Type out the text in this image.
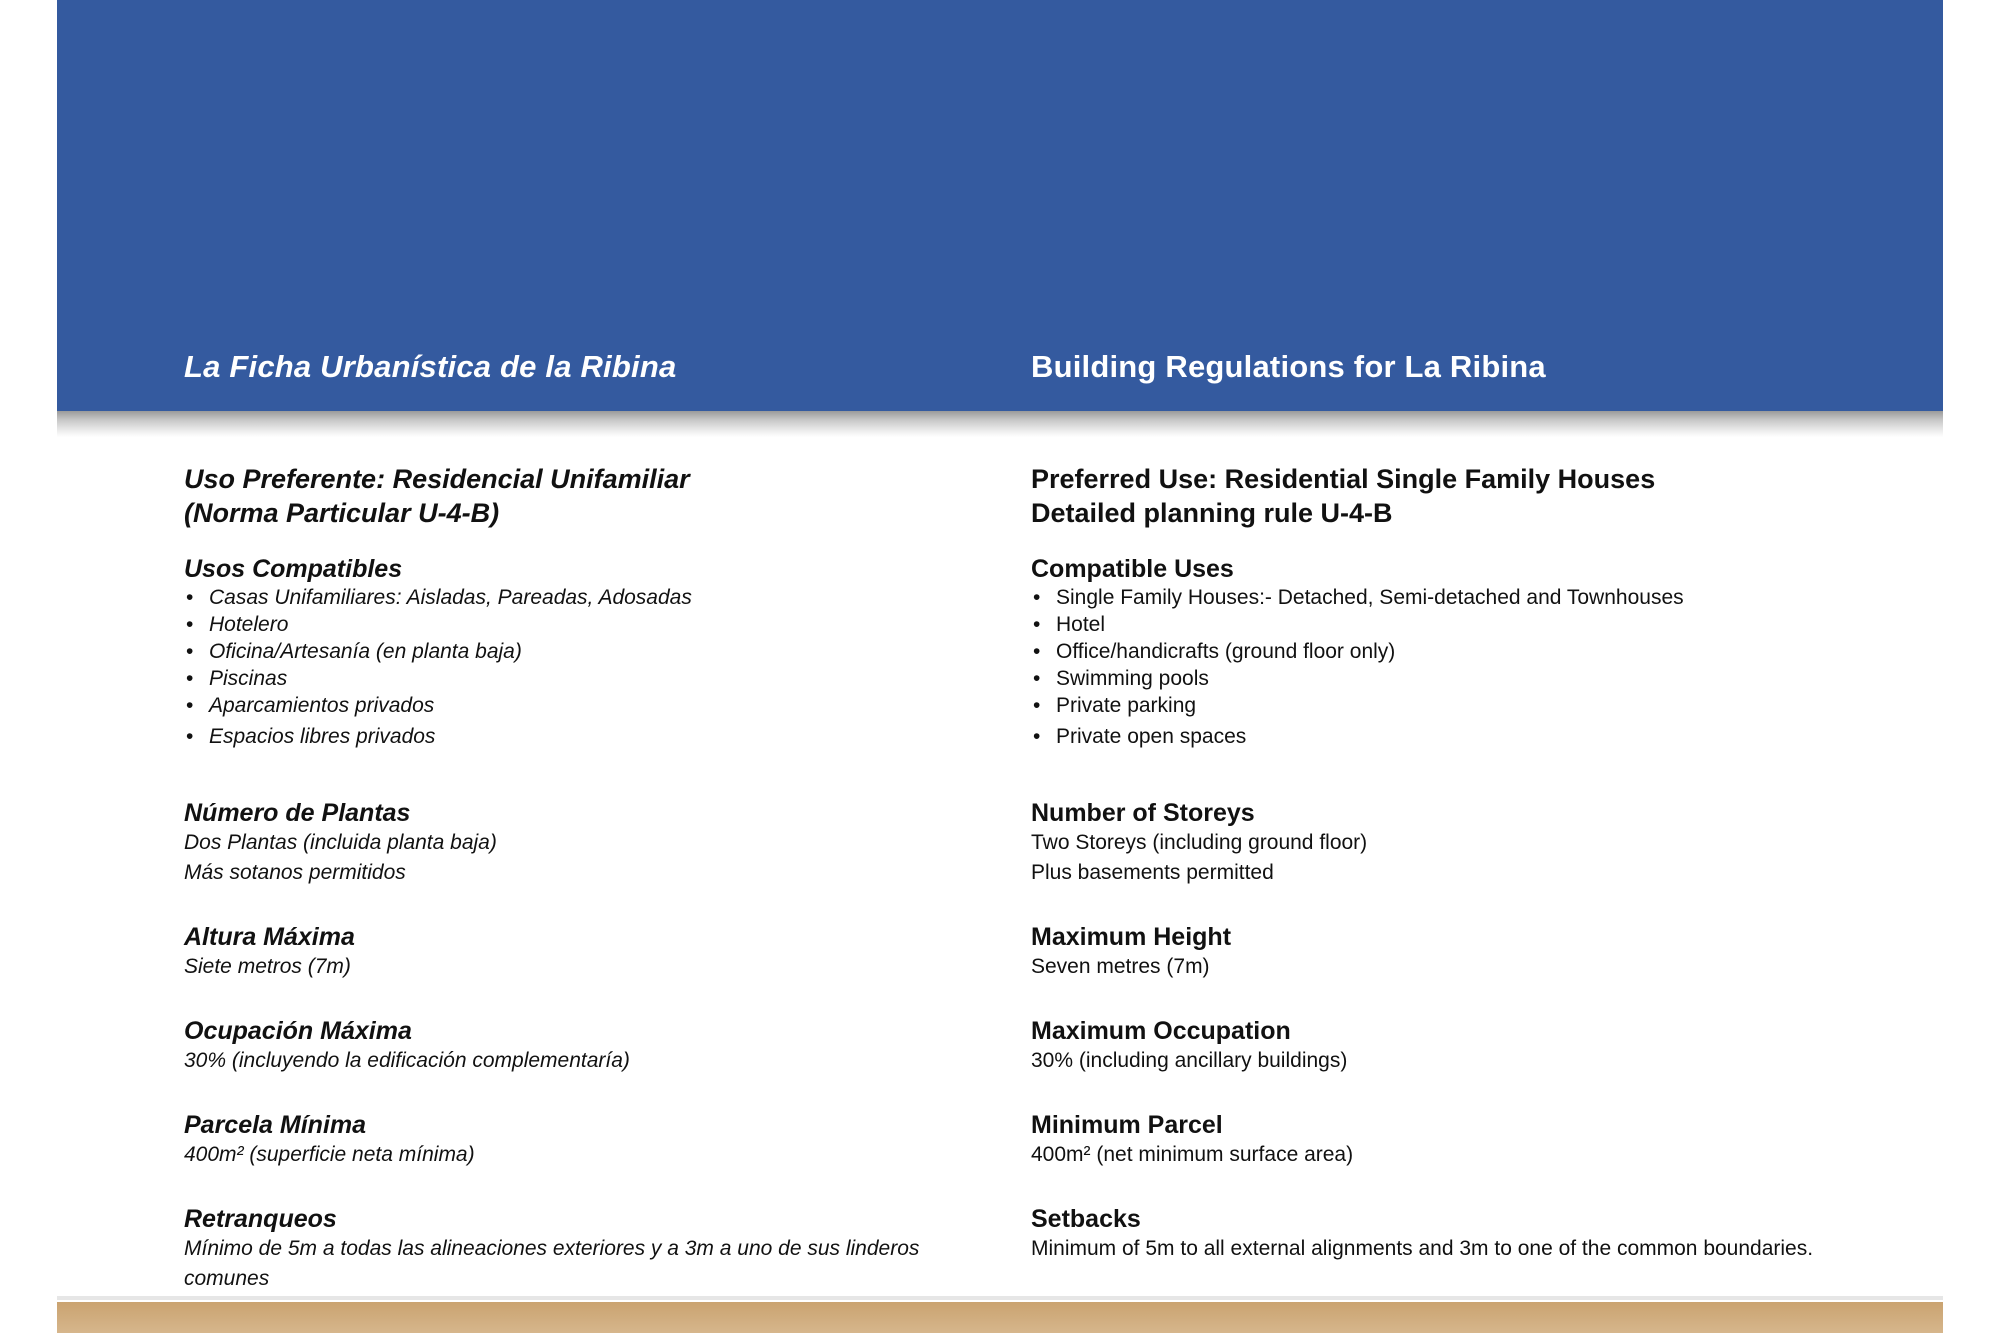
La Ficha Urbanística de la Ribina	Building Regulations for La Ribina
Uso Preferente: Residencial Unifamiliar
(Norma Particular U-4-B)
Usos Compatibles
• Casas Unifamiliares: Aisladas, Pareadas, Adosadas
• Hotelero
• Oficina/Artesanía (en planta baja)
• Piscinas
• Aparcamientos privados
• Espacios libres privados
Número de Plantas
Dos Plantas (incluida planta baja)
Más sotanos permitidos
Altura Máxima
Siete metros (7m)
Ocupación Máxima
30% (incluyendo la edificación complementaría)
Parcela Mínima
400m² (superficie neta mínima)
Retranqueos
Mínimo de 5m a todas las alineaciones exteriores y a 3m a uno de sus linderos comunes
Preferred Use: Residential Single Family Houses
Detailed planning rule U-4-B
Compatible Uses
• Single Family Houses:- Detached, Semi-detached and Townhouses
• Hotel
• Office/handicrafts (ground floor only)
• Swimming pools
• Private parking
• Private open spaces
Number of Storeys
Two Storeys (including ground floor)
Plus basements permitted
Maximum Height
Seven metres (7m)
Maximum Occupation
30% (including ancillary buildings)
Minimum Parcel
400m² (net minimum surface area)
Setbacks
Minimum of 5m to all external alignments and 3m to one of the common boundaries.
